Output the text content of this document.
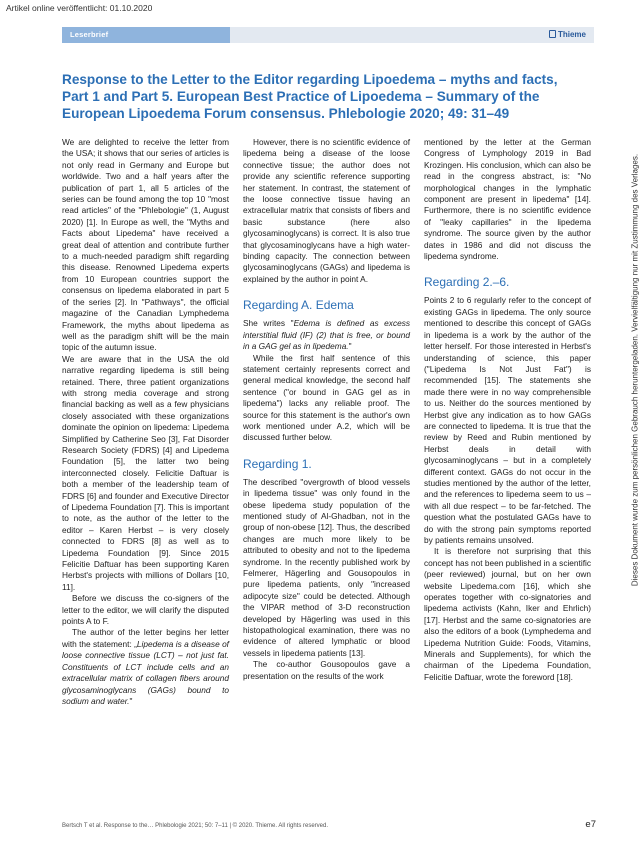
Artikel online veröffentlicht: 01.10.2020
Dieses Dokument wurde zum persönlichen Gebrauch heruntergeladen. Vervielfältigung nur mit Zustimmung des Verlages.
Leserbrief	Thieme
Response to the Letter to the Editor regarding Lipoedema – myths and facts, Part 1 and Part 5. European Best Practice of Lipoedema – Summary of the European Lipoedema Forum consensus. Phlebologie 2020; 49: 31–49

We are delighted to receive the letter from the USA; it shows that our series of articles is not only read in Germany and Europe but worldwide. Two and a half years after the publication of part 1, all 5 articles of the series can be found among the top 10 "most read articles" of the "Phlebologie" (1, August 2020) [1]. In Europe as well, the "Myths and Facts about Lipedema" have received a great deal of attention and contribute further to a much-needed paradigm shift regarding this disease. Renowned Lipedema experts from 10 European countries support the consensus on lipedema elaborated in part 5 of the series [2]. In "Pathways", the official magazine of the Canadian Lymphedema Framework, the myths about lipedema as well as the paradigm shift will be the main topic of the autumn issue.

We are aware that in the USA the old narrative regarding lipedema is still being retained. There, three patient organizations with strong media coverage and strong financial backing as well as a few physicians closely associated with these organizations dominate the opinion on lipedema: Lipedema Simplified by Catherine Seo [3], Fat Disorder Research Society (FDRS) [4] and Lipedema Foundation [5], the latter two being interconnected closely. Felicitie Daftuar is both a member of the leadership team of FDRS [6] and founder and Executive Director of Lipedema Foundation [7]. This is important to note, as the author of the letter to the editor – Karen Herbst – is very closely connected to FDRS [8] as well as to Lipedema Foundation [9]. Since 2015 Felicitie Daftuar has been supporting Karen Herbst's projects with millions of Dollars [10, 11].

Before we discuss the co-signers of the letter to the editor, we will clarify the disputed points A to F.

The author of the letter begins her letter with the statement: „Lipedema is a disease of loose connective tissue (LCT) – not just fat. Constituents of LCT include cells and an extracellular matrix of collagen fibers around glycosaminoglycans (GAGs) bound to sodium and water."

However, there is no scientific evidence of lipedema being a disease of the loose connective tissue; the author does not provide any scientific reference supporting her statement. In contrast, the statement of the loose connective tissue having an extracellular matrix that consists of fibers and basic substance (here also glycosaminoglycans) is correct. It is also true that glycosaminoglycans have a high water-binding capacity. The connection between glycosaminoglycans (GAGs) and lipedema is explained by the author in point A.

Regarding A. Edema

She writes "Edema is defined as excess interstitial fluid (IF) (2) that is free, or bound in a GAG gel as in lipedema."

While the first half sentence of this statement certainly represents correct and general medical knowledge, the second half sentence ("or bound in GAG gel as in lipedema") lacks any reliable proof. The source for this statement is the author's own work mentioned under A.2, which will be discussed further below.

Regarding 1.

The described "overgrowth of blood vessels in lipedema tissue" was only found in the obese lipedema study population of the mentioned study of Al-Ghadban, not in the group of non-obese [12]. Thus, the described changes are much more likely to be attributed to obesity and not to the lipedema syndrome. In the recently published work by Felmerer, Hägerling and Gousopoulos in pure lipedema patients, only "increased adipocyte size" could be detected. Although the VIPAR method of 3-D reconstruction developed by Hägerling was used in this histopathological examination, there was no evidence of altered lymphatic or blood vessels in lipedema patients [13].

The co-author Gousopoulos gave a presentation on the results of the work

mentioned by the letter at the German Congress of Lymphology 2019 in Bad Krozingen. His conclusion, which can also be read in the congress abstract, is: "No morphological changes in the lymphatic component are present in lipedema" [14]. Furthermore, there is no scientific evidence of "leaky capillaries" in the lipedema syndrome. The source given by the author dates in 1986 and did not discuss the lipedema syndrome.

Regarding 2.–6.

Points 2 to 6 regularly refer to the concept of existing GAGs in lipedema. The only source mentioned to describe this concept of GAGs in lipedema is a work by the author of the letter herself. For those interested in Herbst's understanding of science, this paper ("Lipedema Is Not Just Fat") is recommended [15]. The statements she made there were in no way comprehensible to us. Neither do the sources mentioned by Herbst give any indication as to how GAGs are connected to lipedema. It is true that the review by Reed and Rubin mentioned by Herbst deals in detail with glycosaminoglycans – but in a completely different context. GAGs do not occur in the studies mentioned by the author of the letter, and the references to lipedema seem to us – with all due respect – to be far-fetched. The question what the postulated GAGs have to do with the strong pain symptoms reported by patients remains unsolved.

It is therefore not surprising that this concept has not been published in a scientific (peer reviewed) journal, but on her own website Lipedema.com [16], which she operates together with co-signatories and lipedema activists (Kahn, Iker and Ehrlich) [17]. Herbst and the same co-signatories are also the editors of a book (Lymphedema and Lipedema Nutrition Guide: Foods, Vitamins, Minerals and Supplements), for which the chairman of the Lipedema Foundation, Felicitie Daftuar, wrote the foreword [18].

Bertsch T et al. Response to the… Phlebologie 2021; 50: 7–11 | © 2020. Thieme. All rights reserved.	e7
